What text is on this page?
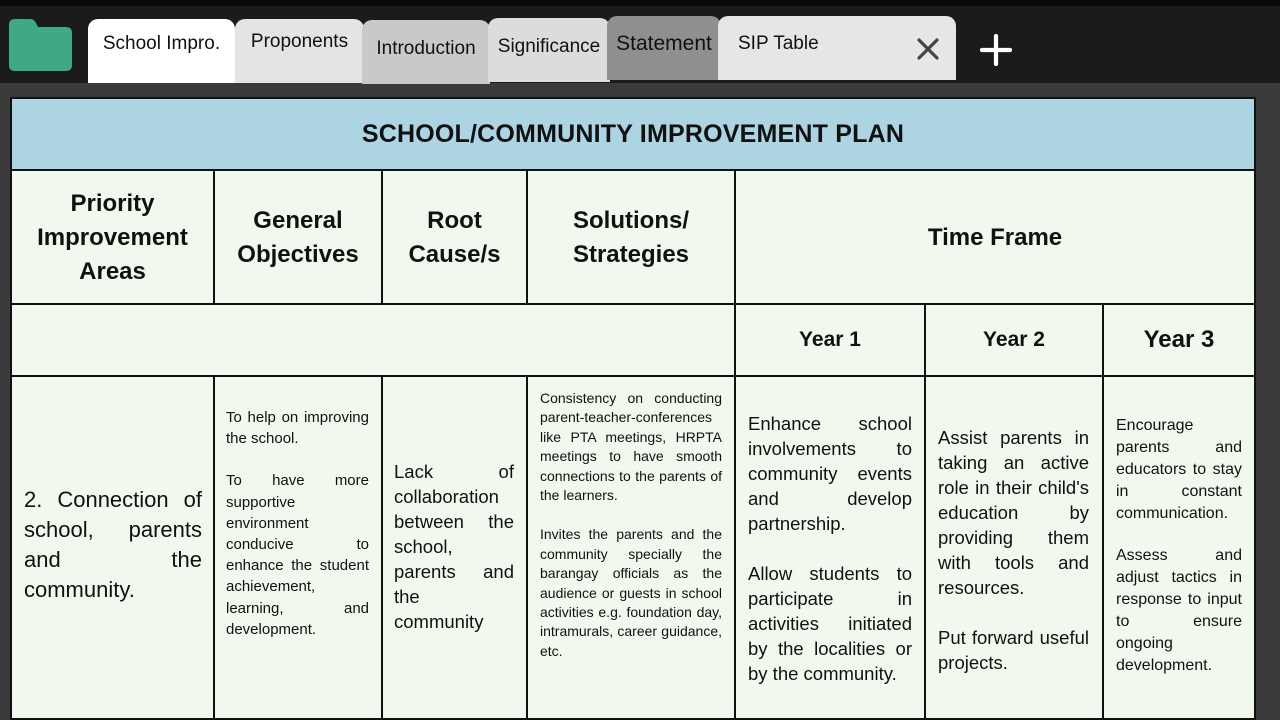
School Impro. Proponents Introduction Significance Statement SIP Table
SCHOOL/COMMUNITY IMPROVEMENT PLAN
Priority
Improvement
Areas
General
Objectives
Root
Cause/s
Solutions/
Strategies
Time Frame
Year 1	Year 2	Year 3

2. Connection of school, parents and the community.

To help on improving the school.

To have more supportive environment conducive to enhance the student achievement, learning, and development.

Lack of collaboration between the school, parents and the community

Consistency on conducting parent-teacher-conferences like PTA meetings, HRPTA meetings to have smooth connections to the parents of the learners.

Invites the parents and the community specially the barangay officials as the audience or guests in school activities e.g. foundation day, intramurals, career guidance, etc.

Enhance school involvements to community events and develop partnership.

Allow students to participate in activities initiated by the localities or by the community.

Assist parents in taking an active role in their child's education by providing them with tools and resources.

Put forward useful projects.

Encourage parents and educators to stay in constant communication.

Assess and adjust tactics in response to input to ensure ongoing development.
